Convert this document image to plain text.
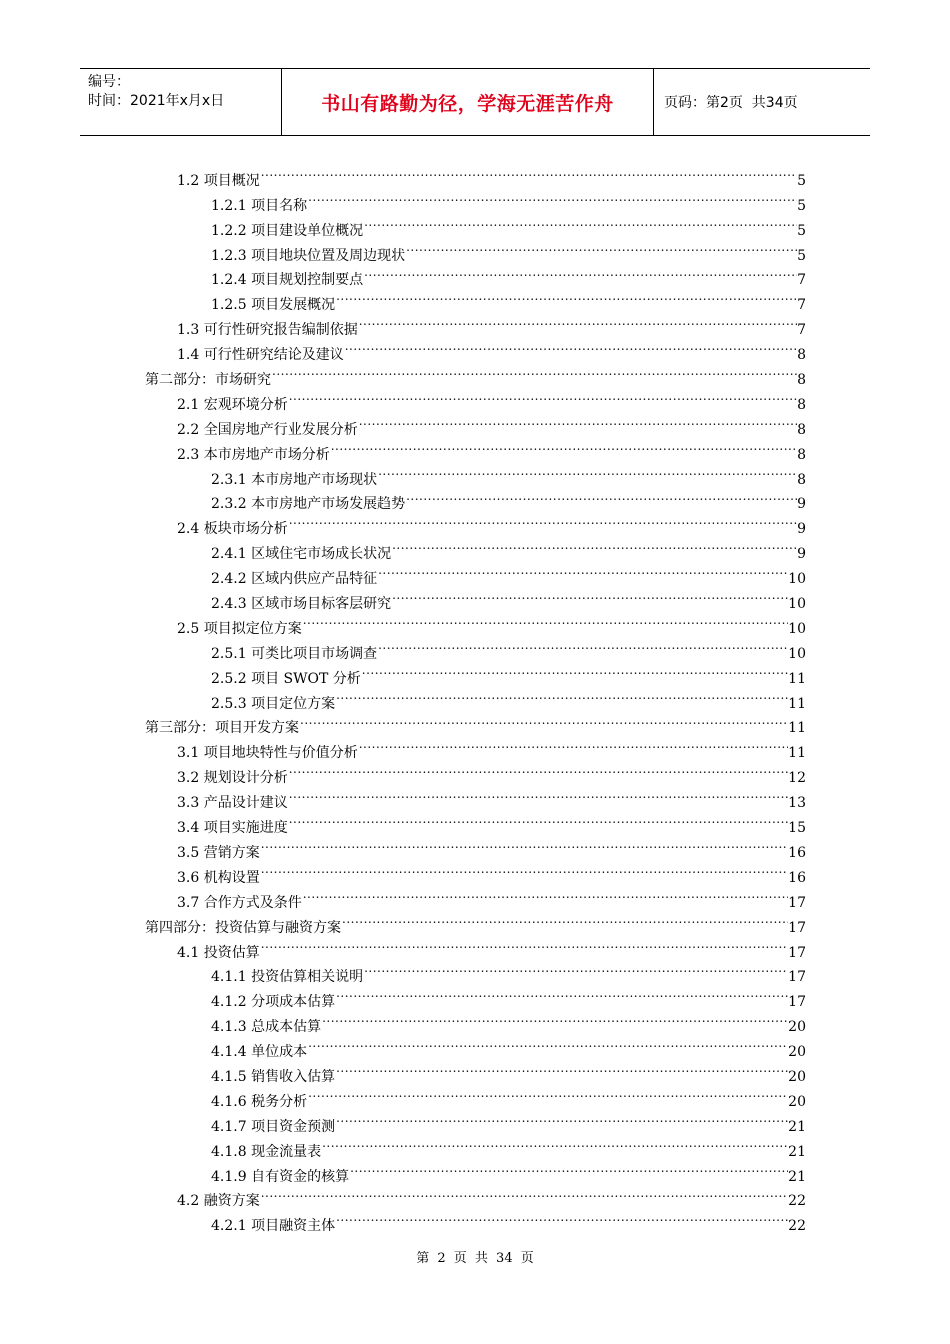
编号：
时间：2021年x月x日	书山有路勤为径，学海无涯苦作舟	页码：第2页  共34页
1.2 项目概况 .....	5
1.2.1 项目名称 .....	5
1.2.2 项目建设单位概况 .....	5
1.2.3 项目地块位置及周边现状 .....	5
1.2.4 项目规划控制要点 .....	7
1.2.5 项目发展概况 .....	7
1.3 可行性研究报告编制依据 .....	7
1.4 可行性研究结论及建议 .....	8
第二部分：市场研究 .....	8
2.1 宏观环境分析 .....	8
2.2 全国房地产行业发展分析 .....	8
2.3 本市房地产市场分析 .....	8
2.3.1 本市房地产市场现状 .....	8
2.3.2 本市房地产市场发展趋势 .....	9
2.4 板块市场分析 .....	9
2.4.1 区域住宅市场成长状况 .....	9
2.4.2 区域内供应产品特征 .....	10
2.4.3 区域市场目标客层研究 .....	10
2.5 项目拟定位方案 .....	10
2.5.1 可类比项目市场调查 .....	10
2.5.2 项目 SWOT 分析 .....	11
2.5.3 项目定位方案 .....	11
第三部分：项目开发方案 .....	11
3.1 项目地块特性与价值分析 .....	11
3.2 规划设计分析 .....	12
3.3 产品设计建议 .....	13
3.4 项目实施进度 .....	15
3.5 营销方案 .....	16
3.6 机构设置 .....	16
3.7 合作方式及条件 .....	17
第四部分：投资估算与融资方案 .....	17
4.1 投资估算 .....	17
4.1.1 投资估算相关说明 .....	17
4.1.2 分项成本估算 .....	17
4.1.3 总成本估算 .....	20
4.1.4 单位成本 .....	20
4.1.5 销售收入估算 .....	20
4.1.6 税务分析 .....	20
4.1.7 项目资金预测 .....	21
4.1.8 现金流量表 .....	21
4.1.9 自有资金的核算 .....	21
4.2 融资方案 .....	22
4.2.1 项目融资主体 .....	22
第 2 页 共 34 页
